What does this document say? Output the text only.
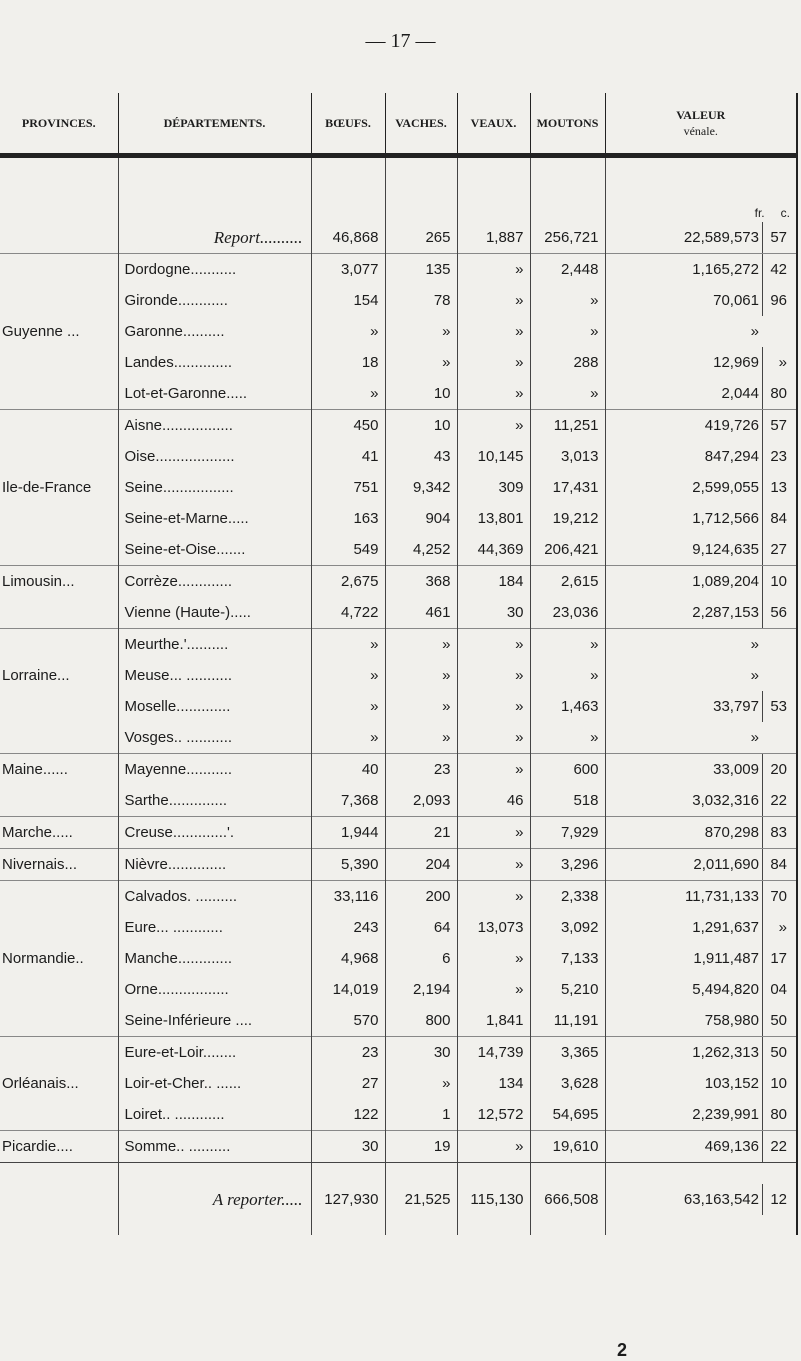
— 17 —
PROVINCES.	DÉPARTEMENTS.	BŒUFS.	VACHES.	VEAUX.	MOUTONS	VALEUR
vénale.
						fr. c.
	Report..........	46,868	265	1,887	256,721	22,589,573 57

	Dordogne...........	3,077	135	»	2,448	1,165,272 42

	Gironde............	154	78	»	»	70,061 96

Guyenne ...	Garonne..........	»	»	»	»	»

	Landes..............	18	»	»	288	12,969 »

	Lot-et-Garonne.....	»	10	»	»	2,044 80

	Aisne.................	450	10	»	11,251	419,726 57

	Oise...................	41	43	10,145	3,013	847,294 23

Ile-de-France	Seine.................	751	9,342	309	17,431	2,599,055 13

	Seine-et-Marne.....	163	904	13,801	19,212	1,712,566 84

	Seine-et-Oise.......	549	4,252	44,369	206,421	9,124,635 27

Limousin...	Corrèze.............	2,675	368	184	2,615	1,089,204 10

	Vienne (Haute-).....	4,722	461	30	23,036	2,287,153 56

	Meurthe.'..........	»	»	»	»	»

Lorraine...	Meuse... ...........	»	»	»	»	»

	Moselle.............	»	»	»	1,463	33,797 53

	Vosges.. ...........	»	»	»	»	»

Maine......	Mayenne...........	40	23	»	600	33,009 20

	Sarthe..............	7,368	2,093	46	518	3,032,316 22

Marche.....	Creuse.............'.	1,944	21	»	7,929	870,298 83

Nivernais...	Nièvre..............	5,390	204	»	3,296	2,011,690 84

	Calvados. ..........	33,116	200	»	2,338	11,731,133 70

	Eure... ............	243	64	13,073	3,092	1,291,637 »

Normandie..	Manche.............	4,968	6	»	7,133	1,911,487 17

	Orne.................	14,019	2,194	»	5,210	5,494,820 04

	Seine-Inférieure ....	570	800	1,841	11,191	758,980 50

	Eure-et-Loir........	23	30	14,739	3,365	1,262,313 50

Orléanais...	Loir-et-Cher.. ......	27	»	134	3,628	103,152 10

	Loiret.. ............	122	1	12,572	54,695	2,239,991 80

Picardie....	Somme.. ..........	30	19	»	19,610	469,136 22

	A reporter.....	127,930	21,525	115,130	666,508	63,163,542 12
2
